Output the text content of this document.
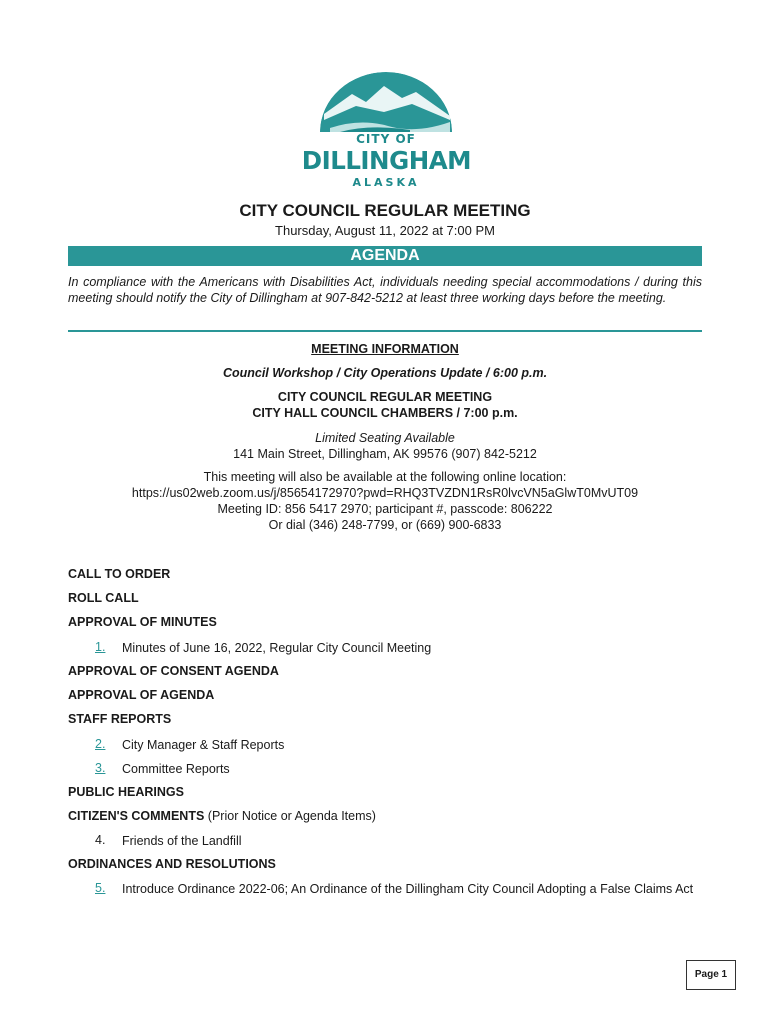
CITY OF
DILLINGHAM
ALASKA
CITY COUNCIL REGULAR MEETING
Thursday, August 11, 2022 at 7:00 PM
AGENDA
In compliance with the Americans with Disabilities Act, individuals needing special accommodations / during this meeting should notify the City of Dillingham at 907-842-5212 at least three working days before the meeting.
MEETING INFORMATION
Council Workshop / City Operations Update / 6:00 p.m.
CITY COUNCIL REGULAR MEETING
CITY HALL COUNCIL CHAMBERS / 7:00 p.m.
Limited Seating Available
141 Main Street, Dillingham, AK 99576 (907) 842-5212
This meeting will also be available at the following online location:
https://us02web.zoom.us/j/85654172970?pwd=RHQ3TVZDN1RsR0lvcVN5aGlwT0MvUT09
Meeting ID: 856 5417 2970; participant #, passcode: 806222
Or dial (346) 248-7799, or (669) 900-6833
CALL TO ORDER
ROLL CALL
APPROVAL OF MINUTES
1. Minutes of June 16, 2022, Regular City Council Meeting
APPROVAL OF CONSENT AGENDA
APPROVAL OF AGENDA
STAFF REPORTS
2. City Manager & Staff Reports
3. Committee Reports
PUBLIC HEARINGS
CITIZEN'S COMMENTS (Prior Notice or Agenda Items)
4. Friends of the Landfill
ORDINANCES AND RESOLUTIONS
5. Introduce Ordinance 2022-06; An Ordinance of the Dillingham City Council Adopting a False Claims Act
Page 1
